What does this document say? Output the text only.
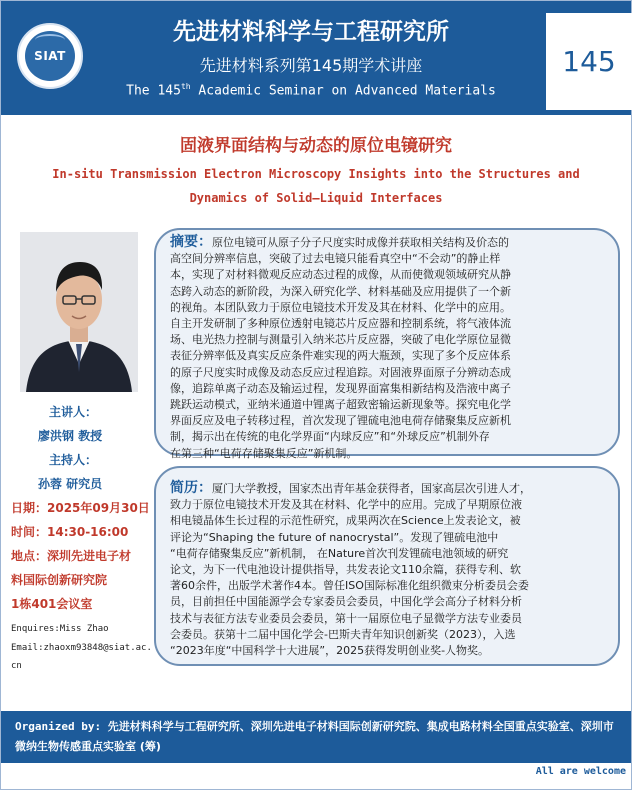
SIAT
先进材料科学与工程研究所
先进材料系列第145期学术讲座
The 145th Academic Seminar on Advanced Materials
145
固液界面结构与动态的原位电镜研究
In-situ Transmission Electron Microscopy Insights into the Structures and
Dynamics of Solid–Liquid Interfaces
主讲人：
廖洪钢 教授
主持人：
孙蓉 研究员
日期：2025年09月30日
时间：14:30-16:00
地点：深圳先进电子材
料国际创新研究院
1栋401会议室
Enquires:Miss Zhao
Email:zhaoxm93848@siat.ac.
cn
摘要：原位电镜可从原子分子尺度实时成像并获取相关结构及价态的
高空间分辨率信息，突破了过去电镜只能看真空中“不会动”的静止样
本，实现了对材料微观反应动态过程的成像，从而使微观领域研究从静
态跨入动态的新阶段，为深入研究化学、材料基础及应用提供了一个新
的视角。本团队致力于原位电镜技术开发及其在材料、化学中的应用。
自主开发研制了多种原位透射电镜芯片反应器和控制系统，将气液体流
场、电光热力控制与测量引入纳米芯片反应器，突破了电化学原位显微
表征分辨率低及真实反应条件难实现的两大瓶颈，实现了多个反应体系
的原子尺度实时成像及动态反应过程追踪。对固液界面原子分辨动态成
像，追踪单离子动态及输运过程，发现界面富集相新结构及浩液中离子
跳跃运动模式，亚纳米通道中锂离子超致密输运新现象等。探究电化学
界面反应及电子转移过程，首次发现了锂硫电池电荷存储聚集反应新机
制，揭示出在传统的电化学界面“内球反应”和“外球反应”机制外存
在第三种“电荷存储聚集反应”新机制。
简历：厦门大学教授，国家杰出青年基金获得者，国家高层次引进人才，
致力于原位电镜技术开发及其在材料、化学中的应用。完成了早期原位液
相电镜晶体生长过程的示范性研究，成果两次在Science上发表论文，被
评论为“Shaping the future of nanocrystal”。发现了锂硫电池中
“电荷存储聚集反应”新机制， 在Nature首次刊发锂硫电池领域的研究
论文，为下一代电池设计提供指导，共发表论文110余篇，获得专利、软
著60余件，出版学术著作4本。曾任ISO国际标准化组织微束分析委员会委
员，目前担任中国能源学会专家委员会委员，中国化学会高分子材料分析
技术与表征方法专业委员会委员，第十一届原位电子显微学方法专业委员
会委员。获第十二届中国化学会-巴斯夫青年知识创新奖（2023），入选
“2023年度“中国科学十大进展”，2025获得发明创业奖-人物奖。
Organized by: 先进材料科学与工程研究所、深圳先进电子材料国际创新研究院、集成电路材料全国重点实验室、深圳市微纳生物传感重点实验室 (筹)
All are welcome
